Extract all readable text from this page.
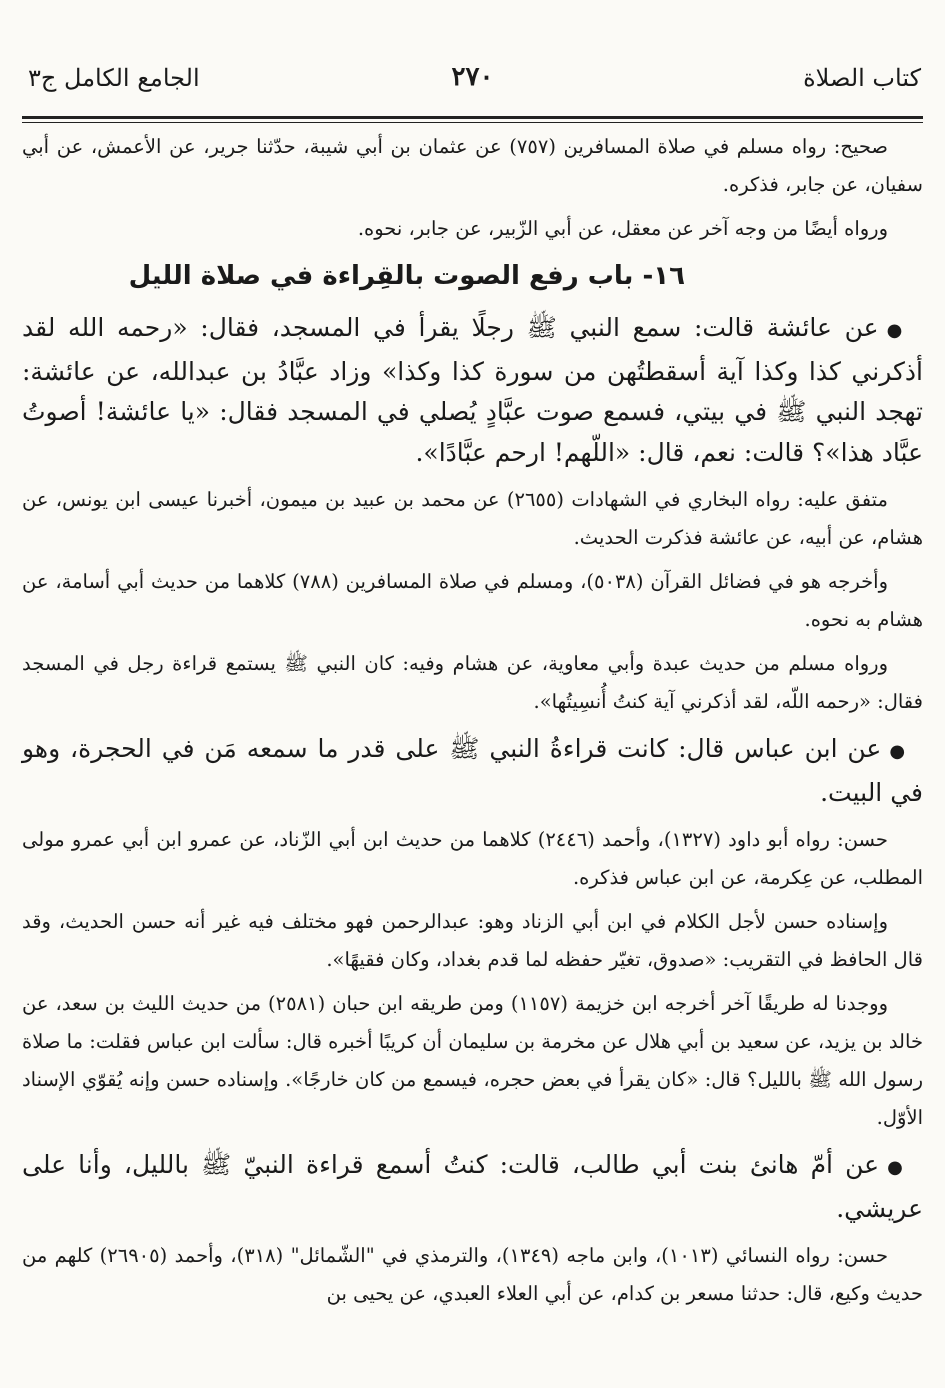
كتاب الصلاة
٢٧٠
الجامع الكامل ج٣

صحيح: رواه مسلم في صلاة المسافرين (٧٥٧) عن عثمان بن أبي شيبة، حدّثنا جرير، عن الأعمش، عن أبي سفيان، عن جابر، فذكره.

ورواه أيضًا من وجه آخر عن معقل، عن أبي الزّبير، عن جابر، نحوه.

١٦- باب رفع الصوت بالقِراءة في صلاة الليل

●عن عائشة قالت: سمع النبي ﷺ رجلًا يقرأ في المسجد، فقال: «رحمه الله لقد أذكرني كذا وكذا آية أسقطتُهن من سورة كذا وكذا» وزاد عبَّادُ بن عبدالله، عن عائشة: تهجد النبي ﷺ في بيتي، فسمع صوت عبَّادٍ يُصلي في المسجد فقال: «يا عائشة! أصوتُ عبَّاد هذا»؟ قالت: نعم، قال: «اللّهم! ارحم عبَّادًا».

متفق عليه: رواه البخاري في الشهادات (٢٦٥٥) عن محمد بن عبيد بن ميمون، أخبرنا عيسى ابن يونس، عن هشام، عن أبيه، عن عائشة فذكرت الحديث.

وأخرجه هو في فضائل القرآن (٥٠٣٨)، ومسلم في صلاة المسافرين (٧٨٨) كلاهما من حديث أبي أسامة، عن هشام به نحوه.

ورواه مسلم من حديث عبدة وأبي معاوية، عن هشام وفيه: كان النبي ﷺ يستمع قراءة رجل في المسجد فقال: «رحمه اللّه، لقد أذكرني آية كنتُ أُنسِيتُها».

●عن ابن عباس قال: كانت قراءةُ النبي ﷺ على قدر ما سمعه مَن في الحجرة، وهو في البيت.

حسن: رواه أبو داود (١٣٢٧)، وأحمد (٢٤٤٦) كلاهما من حديث ابن أبي الزّناد، عن عمرو ابن أبي عمرو مولى المطلب، عن عِكرمة، عن ابن عباس فذكره.

وإسناده حسن لأجل الكلام في ابن أبي الزناد وهو: عبدالرحمن فهو مختلف فيه غير أنه حسن الحديث، وقد قال الحافظ في التقريب: «صدوق، تغيّر حفظه لما قدم بغداد، وكان فقيهًا».

ووجدنا له طريقًا آخر أخرجه ابن خزيمة (١١٥٧) ومن طريقه ابن حبان (٢٥٨١) من حديث الليث بن سعد، عن خالد بن يزيد، عن سعيد بن أبي هلال عن مخرمة بن سليمان أن كريبًا أخبره قال: سألت ابن عباس فقلت: ما صلاة رسول الله ﷺ بالليل؟ قال: «كان يقرأ في بعض حجره، فيسمع من كان خارجًا». وإسناده حسن وإنه يُقوّي الإسناد الأوّل.

●عن أمّ هانئ بنت أبي طالب، قالت: كنتُ أسمع قراءة النبيّ ﷺ بالليل، وأنا على عريشي.

حسن: رواه النسائي (١٠١٣)، وابن ماجه (١٣٤٩)، والترمذي في "الشّمائل" (٣١٨)، وأحمد (٢٦٩٠٥) كلهم من حديث وكيع، قال: حدثنا مسعر بن كدام، عن أبي العلاء العبدي، عن يحيى بن
